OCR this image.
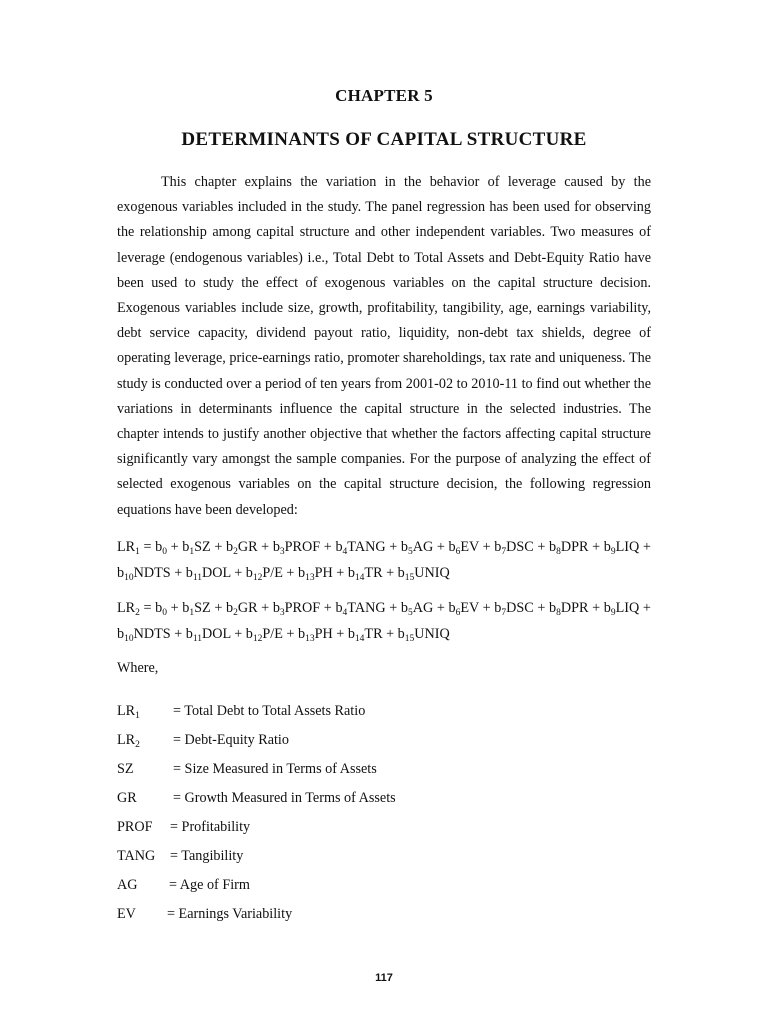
CHAPTER 5
DETERMINANTS OF CAPITAL STRUCTURE
This chapter explains the variation in the behavior of leverage caused by the exogenous variables included in the study. The panel regression has been used for observing the relationship among capital structure and other independent variables. Two measures of leverage (endogenous variables) i.e., Total Debt to Total Assets and Debt-Equity Ratio have been used to study the effect of exogenous variables on the capital structure decision. Exogenous variables include size, growth, profitability, tangibility, age, earnings variability, debt service capacity, dividend payout ratio, liquidity, non-debt tax shields, degree of operating leverage, price-earnings ratio, promoter shareholdings, tax rate and uniqueness. The study is conducted over a period of ten years from 2001-02 to 2010-11 to find out whether the variations in determinants influence the capital structure in the selected industries. The chapter intends to justify another objective that whether the factors affecting capital structure significantly vary amongst the sample companies. For the purpose of analyzing the effect of selected exogenous variables on the capital structure decision, the following regression equations have been developed:
$LR_1 = b_0 + b_1SZ + b_2GR$ + $b_3PROF$ + $b_4TANG + b_5AG + b_6EV + b_7DSC + b_8DPR + b_9LIQ$ + $b_{10}NDTS + b_{11}DOL + b_{12}P/E + b_{13}PH + b_{14}TR$ + $b_{15}UNIQ$
$LR_2 = b_0 + b_1SZ + b_2GR$ + $b_3PROF$ + $b_4TANG + b_5AG + b_6EV + b_7DSC + b_8DPR + b_9LIQ$ + $b_{10}NDTS + b_{11}DOL + b_{12}P/E + b_{13}PH + b_{14}TR$ + $b_{15}UNIQ$
Where,
$LR_1$ = Total Debt to Total Assets Ratio
$LR_2$ = Debt-Equity Ratio
SZ	= Size Measured in Terms of Assets
GR	= Growth Measured in Terms of Assets
PROF = Profitability
TANG = Tangibility
AG = Age of Firm
EV = Earnings Variability
117
